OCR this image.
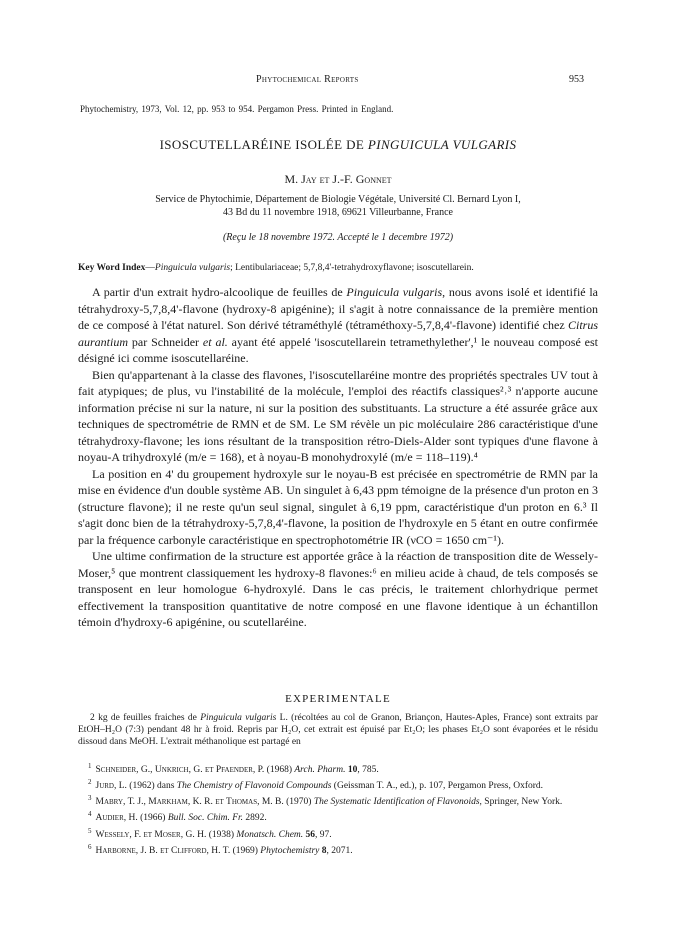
Phytochemical Reports	953
Phytochemistry, 1973, Vol. 12, pp. 953 to 954. Pergamon Press. Printed in England.
ISOSCUTELLARÉINE ISOLÉE DE PINGUICULA VULGARIS
M. Jay et J.-F. Gonnet
Service de Phytochimie, Département de Biologie Végétale, Université Cl. Bernard Lyon I,
43 Bd du 11 novembre 1918, 69621 Villeurbanne, France
(Reçu le 18 novembre 1972. Accepté le 1 decembre 1972)
Key Word Index—Pinguicula vulgaris; Lentibulariaceae; 5,7,8,4'-tetrahydroxyflavone; isoscutellarein.

A partir d'un extrait hydro-alcoolique de feuilles de Pinguicula vulgaris, nous avons isolé et identifié la tétrahydroxy-5,7,8,4'-flavone (hydroxy-8 apigénine); il s'agit à notre connaissance de la première mention de ce composé à l'état naturel. Son dérivé tétraméthylé (tétraméthoxy-5,7,8,4'-flavone) identifié chez Citrus aurantium par Schneider et al. ayant été appelé 'isoscutellarein tetramethylether',¹ le nouveau composé est désigné ici comme isoscutellaréine.

Bien qu'appartenant à la classe des flavones, l'isoscutellaréine montre des propriétés spectrales UV tout à fait atypiques; de plus, vu l'instabilité de la molécule, l'emploi des réactifs classiques²˒³ n'apporte aucune information précise ni sur la nature, ni sur la position des substituants. La structure a été assurée grâce aux techniques de spectrométrie de RMN et de SM. Le SM révèle un pic moléculaire 286 caractéristique d'une tétrahydroxy-flavone; les ions résultant de la transposition rétro-Diels-Alder sont typiques d'une flavone à noyau-A trihydroxylé (m/e = 168), et à noyau-B monohydroxylé (m/e = 118–119).⁴

La position en 4' du groupement hydroxyle sur le noyau-B est précisée en spectrométrie de RMN par la mise en évidence d'un double système AB. Un singulet à 6,43 ppm témoigne de la présence d'un proton en 3 (structure flavone); il ne reste qu'un seul signal, singulet à 6,19 ppm, caractéristique d'un proton en 6.³ Il s'agit donc bien de la tétrahydroxy-5,7,8,4'-flavone, la position de l'hydroxyle en 5 étant en outre confirmée par la fréquence carbonyle caractéristique en spectrophotométrie IR (νCO = 1650 cm⁻¹).

Une ultime confirmation de la structure est apportée grâce à la réaction de transposition dite de Wessely-Moser,⁵ que montrent classiquement les hydroxy-8 flavones:⁶ en milieu acide à chaud, de tels composés se transposent en leur homologue 6-hydroxylé. Dans le cas précis, le traitement chlorhydrique permet effectivement la transposition quantitative de notre composé en une flavone identique à un échantillon témoin d'hydroxy-6 apigénine, ou scutellaréine.

EXPERIMENTALE

2 kg de feuilles fraiches de Pinguicula vulgaris L. (récoltées au col de Granon, Briançon, Hautes-Aples, France) sont extraits par EtOH–H₂O (7:3) pendant 48 hr à froid. Repris par H₂O, cet extrait est épuisé par Et₂O; les phases Et₂O sont évaporées et le résidu dissoud dans MeOH. L'extrait méthanolique est partagé en

$^1$ Schneider, G., Unkrich, G. et Pfaender, P. (1968) Arch. Pharm. 10, 785.

$^2$ Jurd, L. (1962) dans The Chemistry of Flavonoid Compounds (Geissman T. A., ed.), p. 107, Pergamon Press, Oxford.

$^3$ Mabry, T. J., Markham, K. R. et Thomas, M. B. (1970) The Systematic Identification of Flavonoids, Springer, New York.

$^4$ Audier, H. (1966) Bull. Soc. Chim. Fr. 2892.

$^5$ Wessely, F. et Moser, G. H. (1938) Monatsch. Chem. 56, 97.

$^6$ Harborne, J. B. et Clifford, H. T. (1969) Phytochemistry 8, 2071.
